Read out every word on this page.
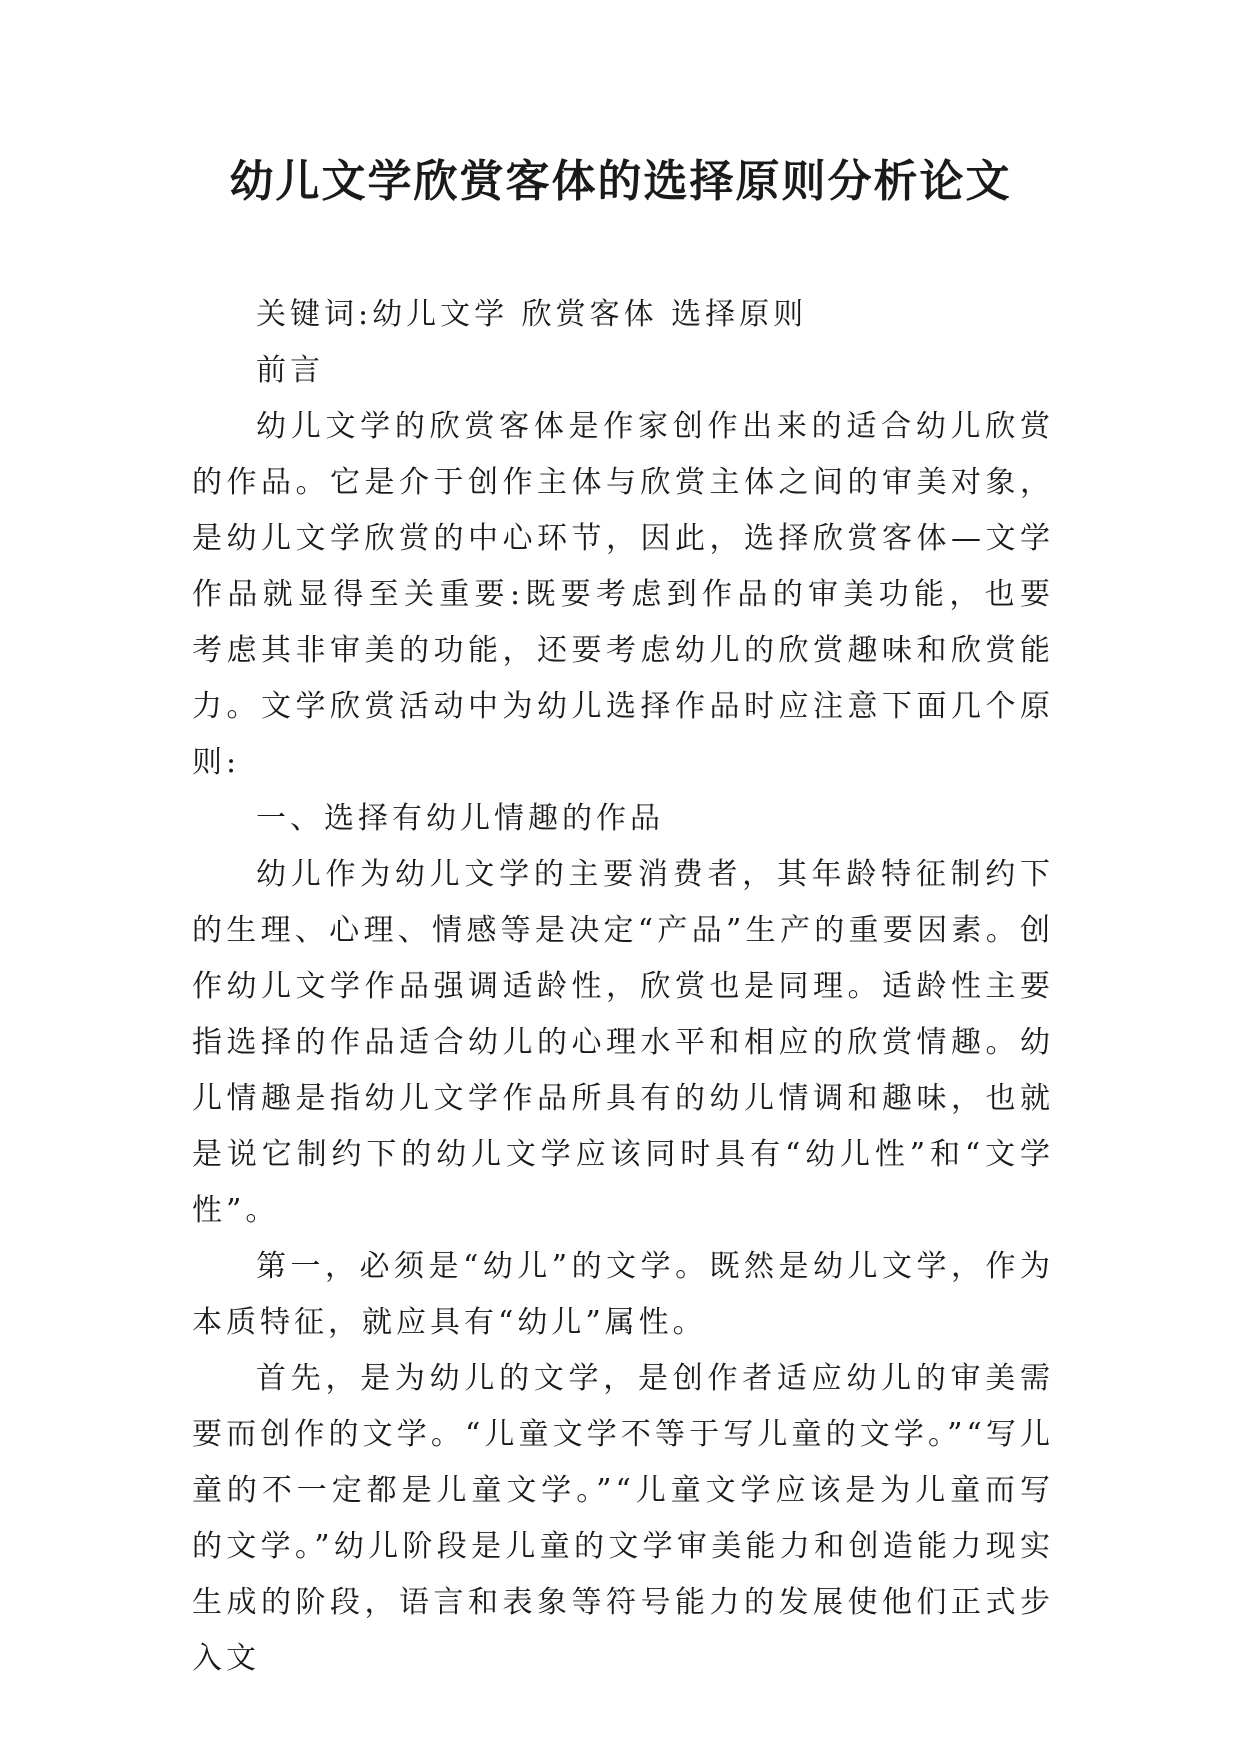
幼儿文学欣赏客体的选择原则分析论文

关键词:幼儿文学 欣赏客体 选择原则

前言

幼儿文学的欣赏客体是作家创作出来的适合幼儿欣赏的作品。它是介于创作主体与欣赏主体之间的审美对象，是幼儿文学欣赏的中心环节，因此，选择欣赏客体—文学作品就显得至关重要:既要考虑到作品的审美功能，也要考虑其非审美的功能，还要考虑幼儿的欣赏趣味和欣赏能力。文学欣赏活动中为幼儿选择作品时应注意下面几个原则:

一、选择有幼儿情趣的作品

幼儿作为幼儿文学的主要消费者，其年龄特征制约下的生理、心理、情感等是决定“产品”生产的重要因素。创作幼儿文学作品强调适龄性，欣赏也是同理。适龄性主要指选择的作品适合幼儿的心理水平和相应的欣赏情趣。幼儿情趣是指幼儿文学作品所具有的幼儿情调和趣味，也就是说它制约下的幼儿文学应该同时具有“幼儿性”和“文学性”。

第一，必须是“幼儿”的文学。既然是幼儿文学，作为本质特征，就应具有“幼儿”属性。

首先，是为幼儿的文学，是创作者适应幼儿的审美需要而创作的文学。“儿童文学不等于写儿童的文学。”“写儿童的不一定都是儿童文学。”“儿童文学应该是为儿童而写的文学。”幼儿阶段是儿童的文学审美能力和创造能力现实生成的阶段，语言和表象等符号能力的发展使他们正式步入文
